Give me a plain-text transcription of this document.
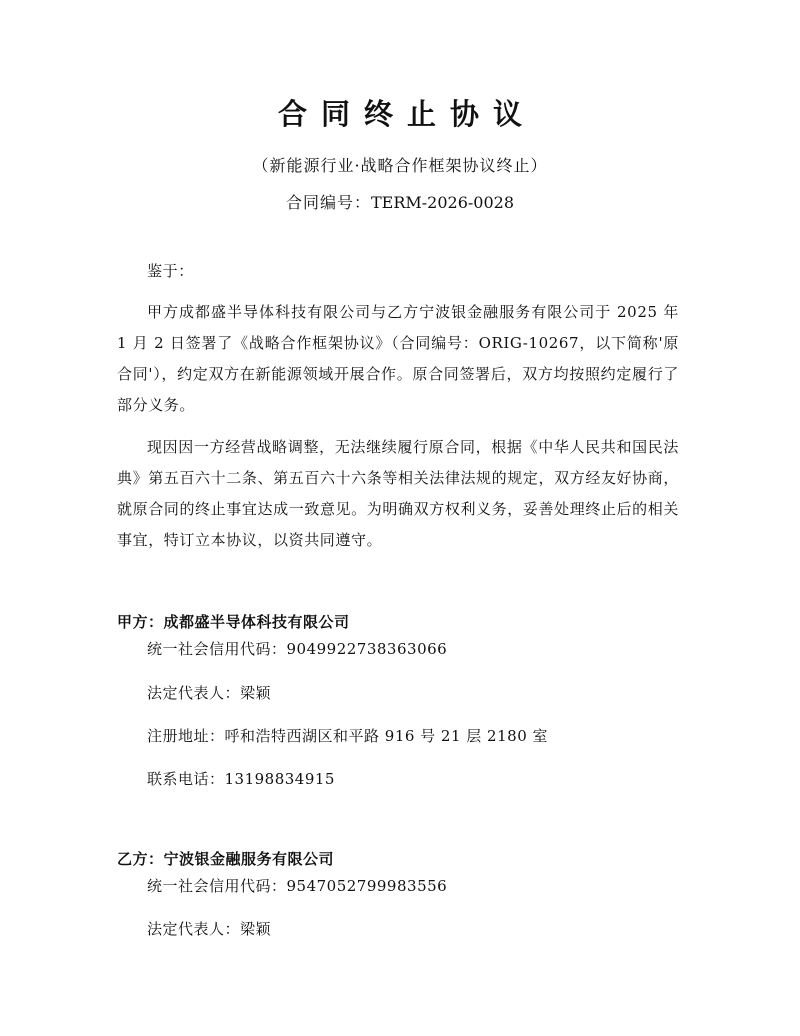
合同终止协议
（新能源行业·战略合作框架协议终止）
合同编号：TERM-2026-0028
鉴于：
甲方成都盛半导体科技有限公司与乙方宁波银金融服务有限公司于 2025 年 1 月 2 日签署了《战略合作框架协议》（合同编号：ORIG-10267，以下简称'原合同'），约定双方在新能源领域开展合作。原合同签署后，双方均按照约定履行了部分义务。
现因因一方经营战略调整，无法继续履行原合同，根据《中华人民共和国民法典》第五百六十二条、第五百六十六条等相关法律法规的规定，双方经友好协商，就原合同的终止事宜达成一致意见。为明确双方权利义务，妥善处理终止后的相关事宜，特订立本协议，以资共同遵守。
甲方：成都盛半导体科技有限公司
统一社会信用代码：9049922738363066
法定代表人：梁颖
注册地址：呼和浩特西湖区和平路 916 号 21 层 2180 室
联系电话：13198834915
乙方：宁波银金融服务有限公司
统一社会信用代码：9547052799983556
法定代表人：梁颖
